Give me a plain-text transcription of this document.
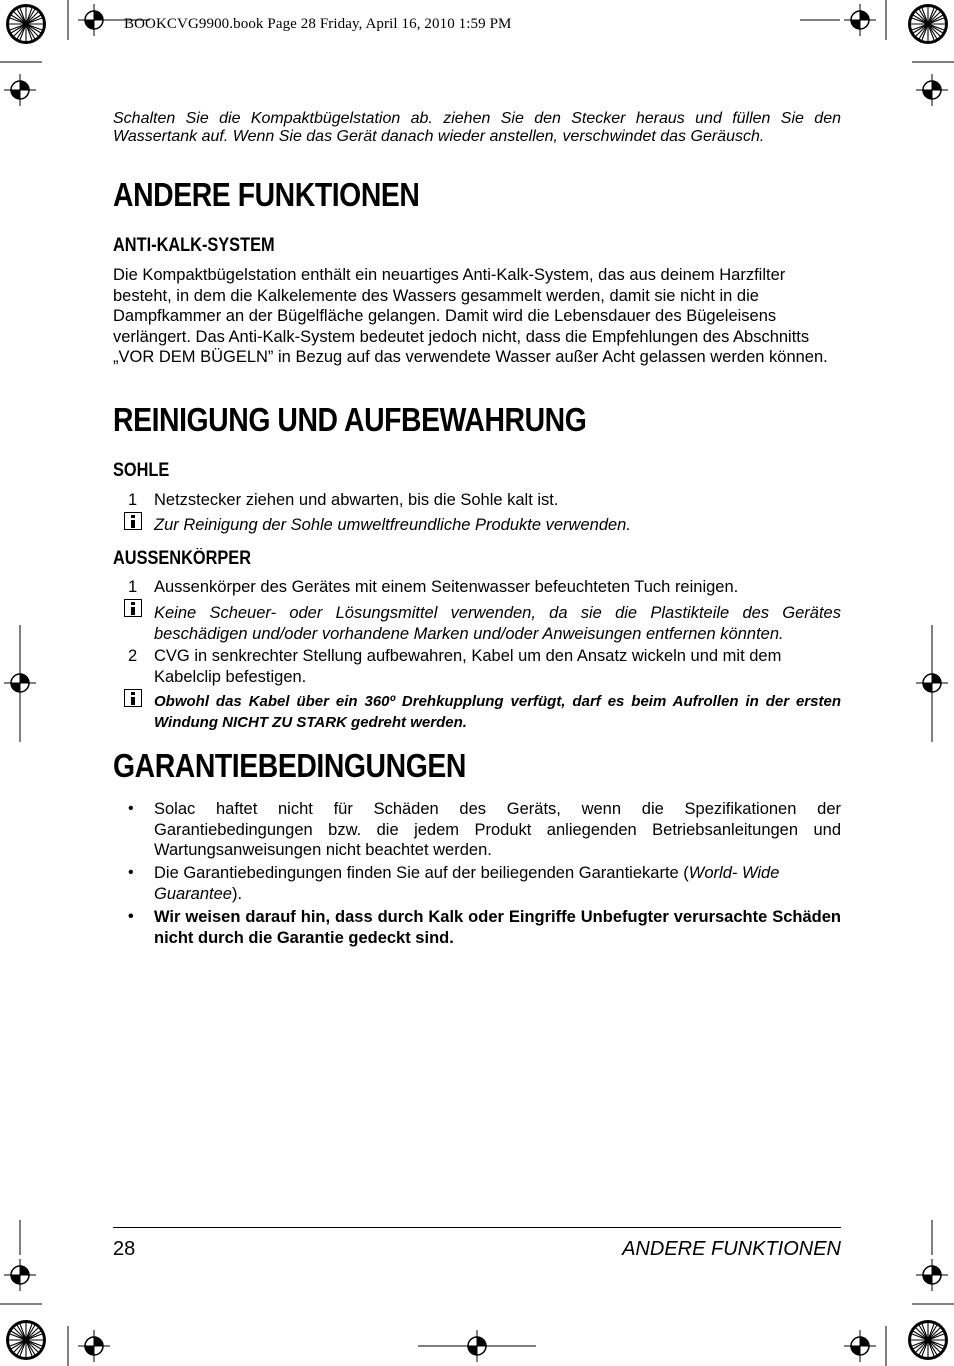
BOOKCVG9900.book Page 28 Friday, April 16, 2010 1:59 PM
Schalten Sie die Kompaktbügelstation ab. ziehen Sie den Stecker heraus und füllen Sie den Wassertank auf. Wenn Sie das Gerät danach wieder anstellen, verschwindet das Geräusch.
ANDERE FUNKTIONEN
ANTI-KALK-SYSTEM
Die Kompaktbügelstation enthält ein neuartiges Anti-Kalk-System, das aus deinem Harzfilter besteht, in dem die Kalkelemente des Wassers gesammelt werden, damit sie nicht in die Dampfkammer an der Bügelfläche gelangen. Damit wird die Lebensdauer des Bügeleisens verlängert. Das Anti-Kalk-System bedeutet jedoch nicht, dass die Empfehlungen des Abschnitts „VOR DEM BÜGELN” in Bezug auf das verwendete Wasser außer Acht gelassen werden können.
REINIGUNG UND AUFBEWAHRUNG
SOHLE
1 Netzstecker ziehen und abwarten, bis die Sohle kalt ist.
Zur Reinigung der Sohle umweltfreundliche Produkte verwenden.
AUSSENKÖRPER
1 Aussenkörper des Gerätes mit einem Seitenwasser befeuchteten Tuch reinigen.
Keine Scheuer- oder Lösungsmittel verwenden, da sie die Plastikteile des Gerätes beschädigen und/oder vorhandene Marken und/oder Anweisungen entfernen könnten.
2 CVG in senkrechter Stellung aufbewahren, Kabel um den Ansatz wickeln und mit dem Kabelclip befestigen.
Obwohl das Kabel über ein 360º Drehkupplung verfügt, darf es beim Aufrollen in der ersten Windung NICHT ZU STARK gedreht werden.
GARANTIEBEDINGUNGEN
• Solac haftet nicht für Schäden des Geräts, wenn die Spezifikationen der Garantiebedingungen bzw. die jedem Produkt anliegenden Betriebsanleitungen und Wartungsanweisungen nicht beachtet werden.
• Die Garantiebedingungen finden Sie auf der beiliegenden Garantiekarte (World- Wide Guarantee).
• Wir weisen darauf hin, dass durch Kalk oder Eingriffe Unbefugter verursachte Schäden nicht durch die Garantie gedeckt sind.
28	ANDERE FUNKTIONEN
